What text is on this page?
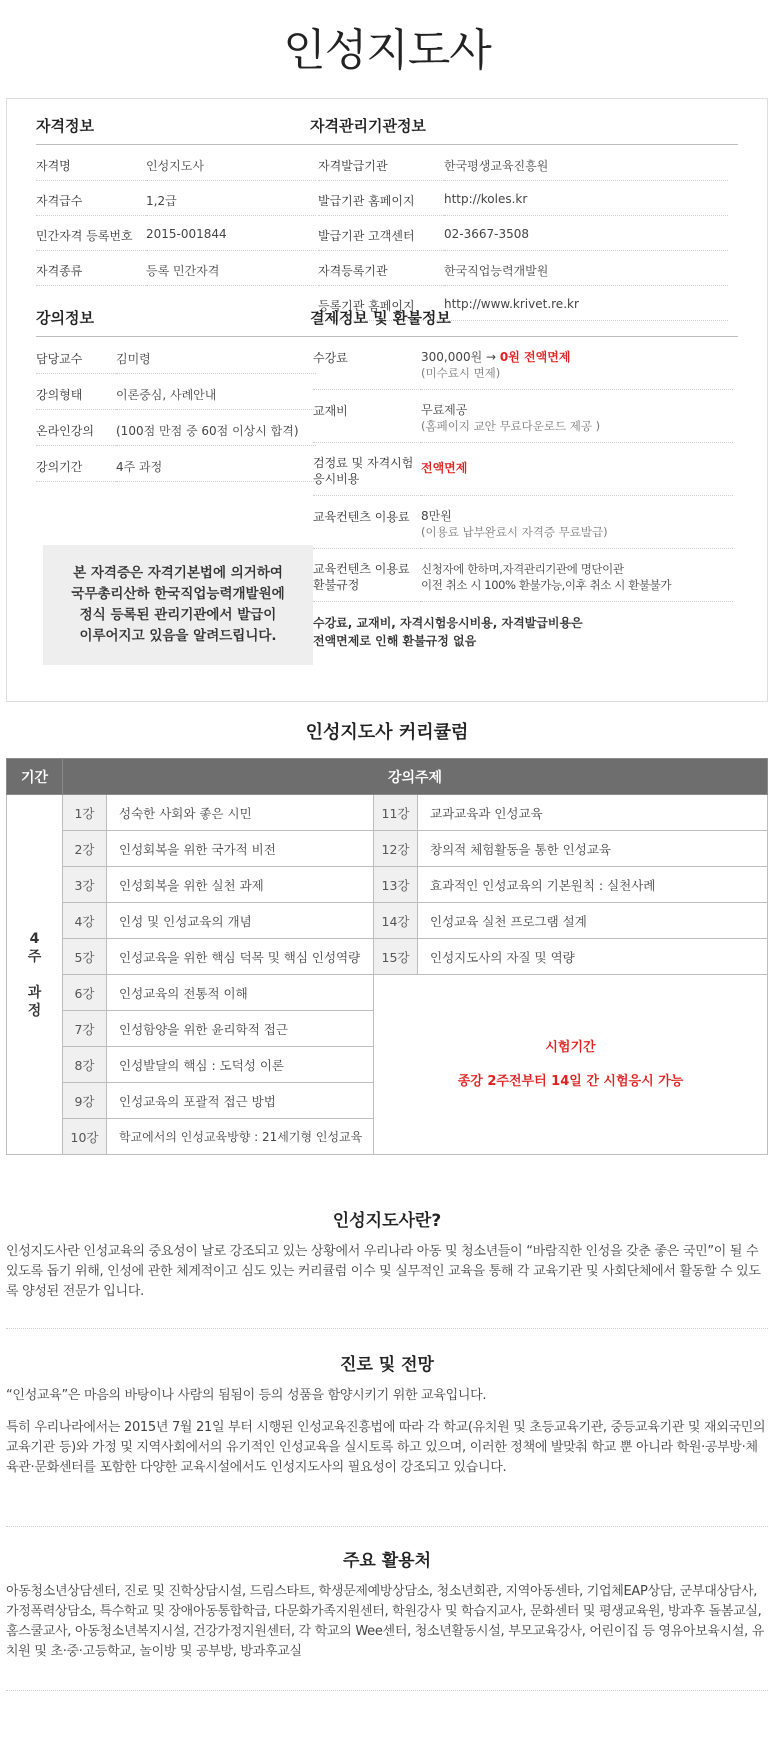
인성지도사
자격정보
자격명	인성지도사
자격급수	1,2급
민간자격 등록번호	2015-001844
자격종류	등록 민간자격
자격관리기관정보
자격발급기관	한국평생교육진흥원
발급기관 홈페이지	http://koles.kr
발급기관 고객센터	02-3667-3508
자격등록기관	한국직업능력개발원
등록기관 홈페이지	http://www.krivet.re.kr
강의정보
담당교수	김미령
강의형태	이론중심, 사례안내
온라인강의	(100점 만점 중 60점 이상시 합격)
강의기간	4주 과정
본 자격증은 자격기본법에 의거하여
국무총리산하 한국직업능력개발원에
정식 등록된 관리기관에서 발급이
이루어지고 있음을 알려드립니다.
결제정보 및 환불정보
수강료	300,000원 → 0원 전액면제
(미수료시 면제)
교재비	무료제공
(홈페이지 교안 무료다운로드 제공 )
검정료 및 자격시험
응시비용	전액면제
교육컨텐츠 이용료	8만원
(이용료 납부완료시 자격증 무료발급)
교육컨텐츠 이용료
환불규정	신청자에 한하며,자격관리기관에 명단이관
이전 취소 시 100% 환불가능,이후 취소 시 환불불가
수강료, 교재비, 자격시험응시비용, 자격발급비용은
전액면제로 인해 환불규정 없음	
인성지도사 커리큘럼
기간	강의주제			

4
주
과
정	1강	성숙한 사회와 좋은 시민	11강	교과교육과 인성교육
	2강	인성회복을 위한 국가적 비전	12강	창의적 체험활동을 통한 인성교육
	3강	인성회복을 위한 실천 과제	13강	효과적인 인성교육의 기본원칙 : 실천사례
	4강	인성 및 인성교육의 개념	14강	인성교육 실천 프로그램 설계
	5강	인성교육을 위한 핵심 덕목 및 핵심 인성역량	15강	인성지도사의 자질 및 역량
	6강	인성교육의 전통적 이해	시험기간
종강 2주전부터 14일 간 시험응시 가능	

	7강	인성함양을 위한 윤리학적 접근		
	8강	인성발달의 핵심 : 도덕성 이론		
	9강	인성교육의 포괄적 접근 방법		
	10강	학교에서의 인성교육방향 : 21세기형 인성교육		
인성지도사란?
인성지도사란 인성교육의 중요성이 날로 강조되고 있는 상황에서 우리나라 아동 및 청소년들이 “바람직한 인성을 갖춘 좋은 국민”이 될 수 있도록 돕기 위해, 인성에 관한 체계적이고 심도 있는 커리큘럼 이수 및 실무적인 교육을 통해 각 교육기관 및 사회단체에서 활동할 수 있도록 양성된 전문가 입니다.
진로 및 전망
“인성교육”은 마음의 바탕이나 사람의 됨됨이 등의 성품을 함양시키기 위한 교육입니다.
특히 우리나라에서는 2015년 7월 21일 부터 시행된 인성교육진흥법에 따라 각 학교(유치원 및 초등교육기관, 중등교육기관 및 재외국민의 교육기관 등)와 가정 및 지역사회에서의 유기적인 인성교육을 실시토록 하고 있으며, 이러한 정책에 발맞춰 학교 뿐 아니라 학원·공부방·체육관·문화센터를 포함한 다양한 교육시설에서도 인성지도사의 필요성이 강조되고 있습니다.
주요 활용처
아동청소년상담센터, 진로 및 진학상담시설, 드림스타트, 학생문제예방상담소, 청소년회관, 지역아동센타, 기업체EAP상담, 군부대상담사, 가정폭력상담소, 특수학교 및 장애아동통합학급, 다문화가족지원센터, 학원강사 및 학습지교사, 문화센터 및 평생교육원, 방과후 돌봄교실, 홈스쿨교사, 아동청소년복지시설, 건강가정지원센터, 각 학교의 Wee센터, 청소년활동시설, 부모교육강사, 어린이집 등 영유아보육시설, 유치원 및 초·중·고등학교, 놀이방 및 공부방, 방과후교실
